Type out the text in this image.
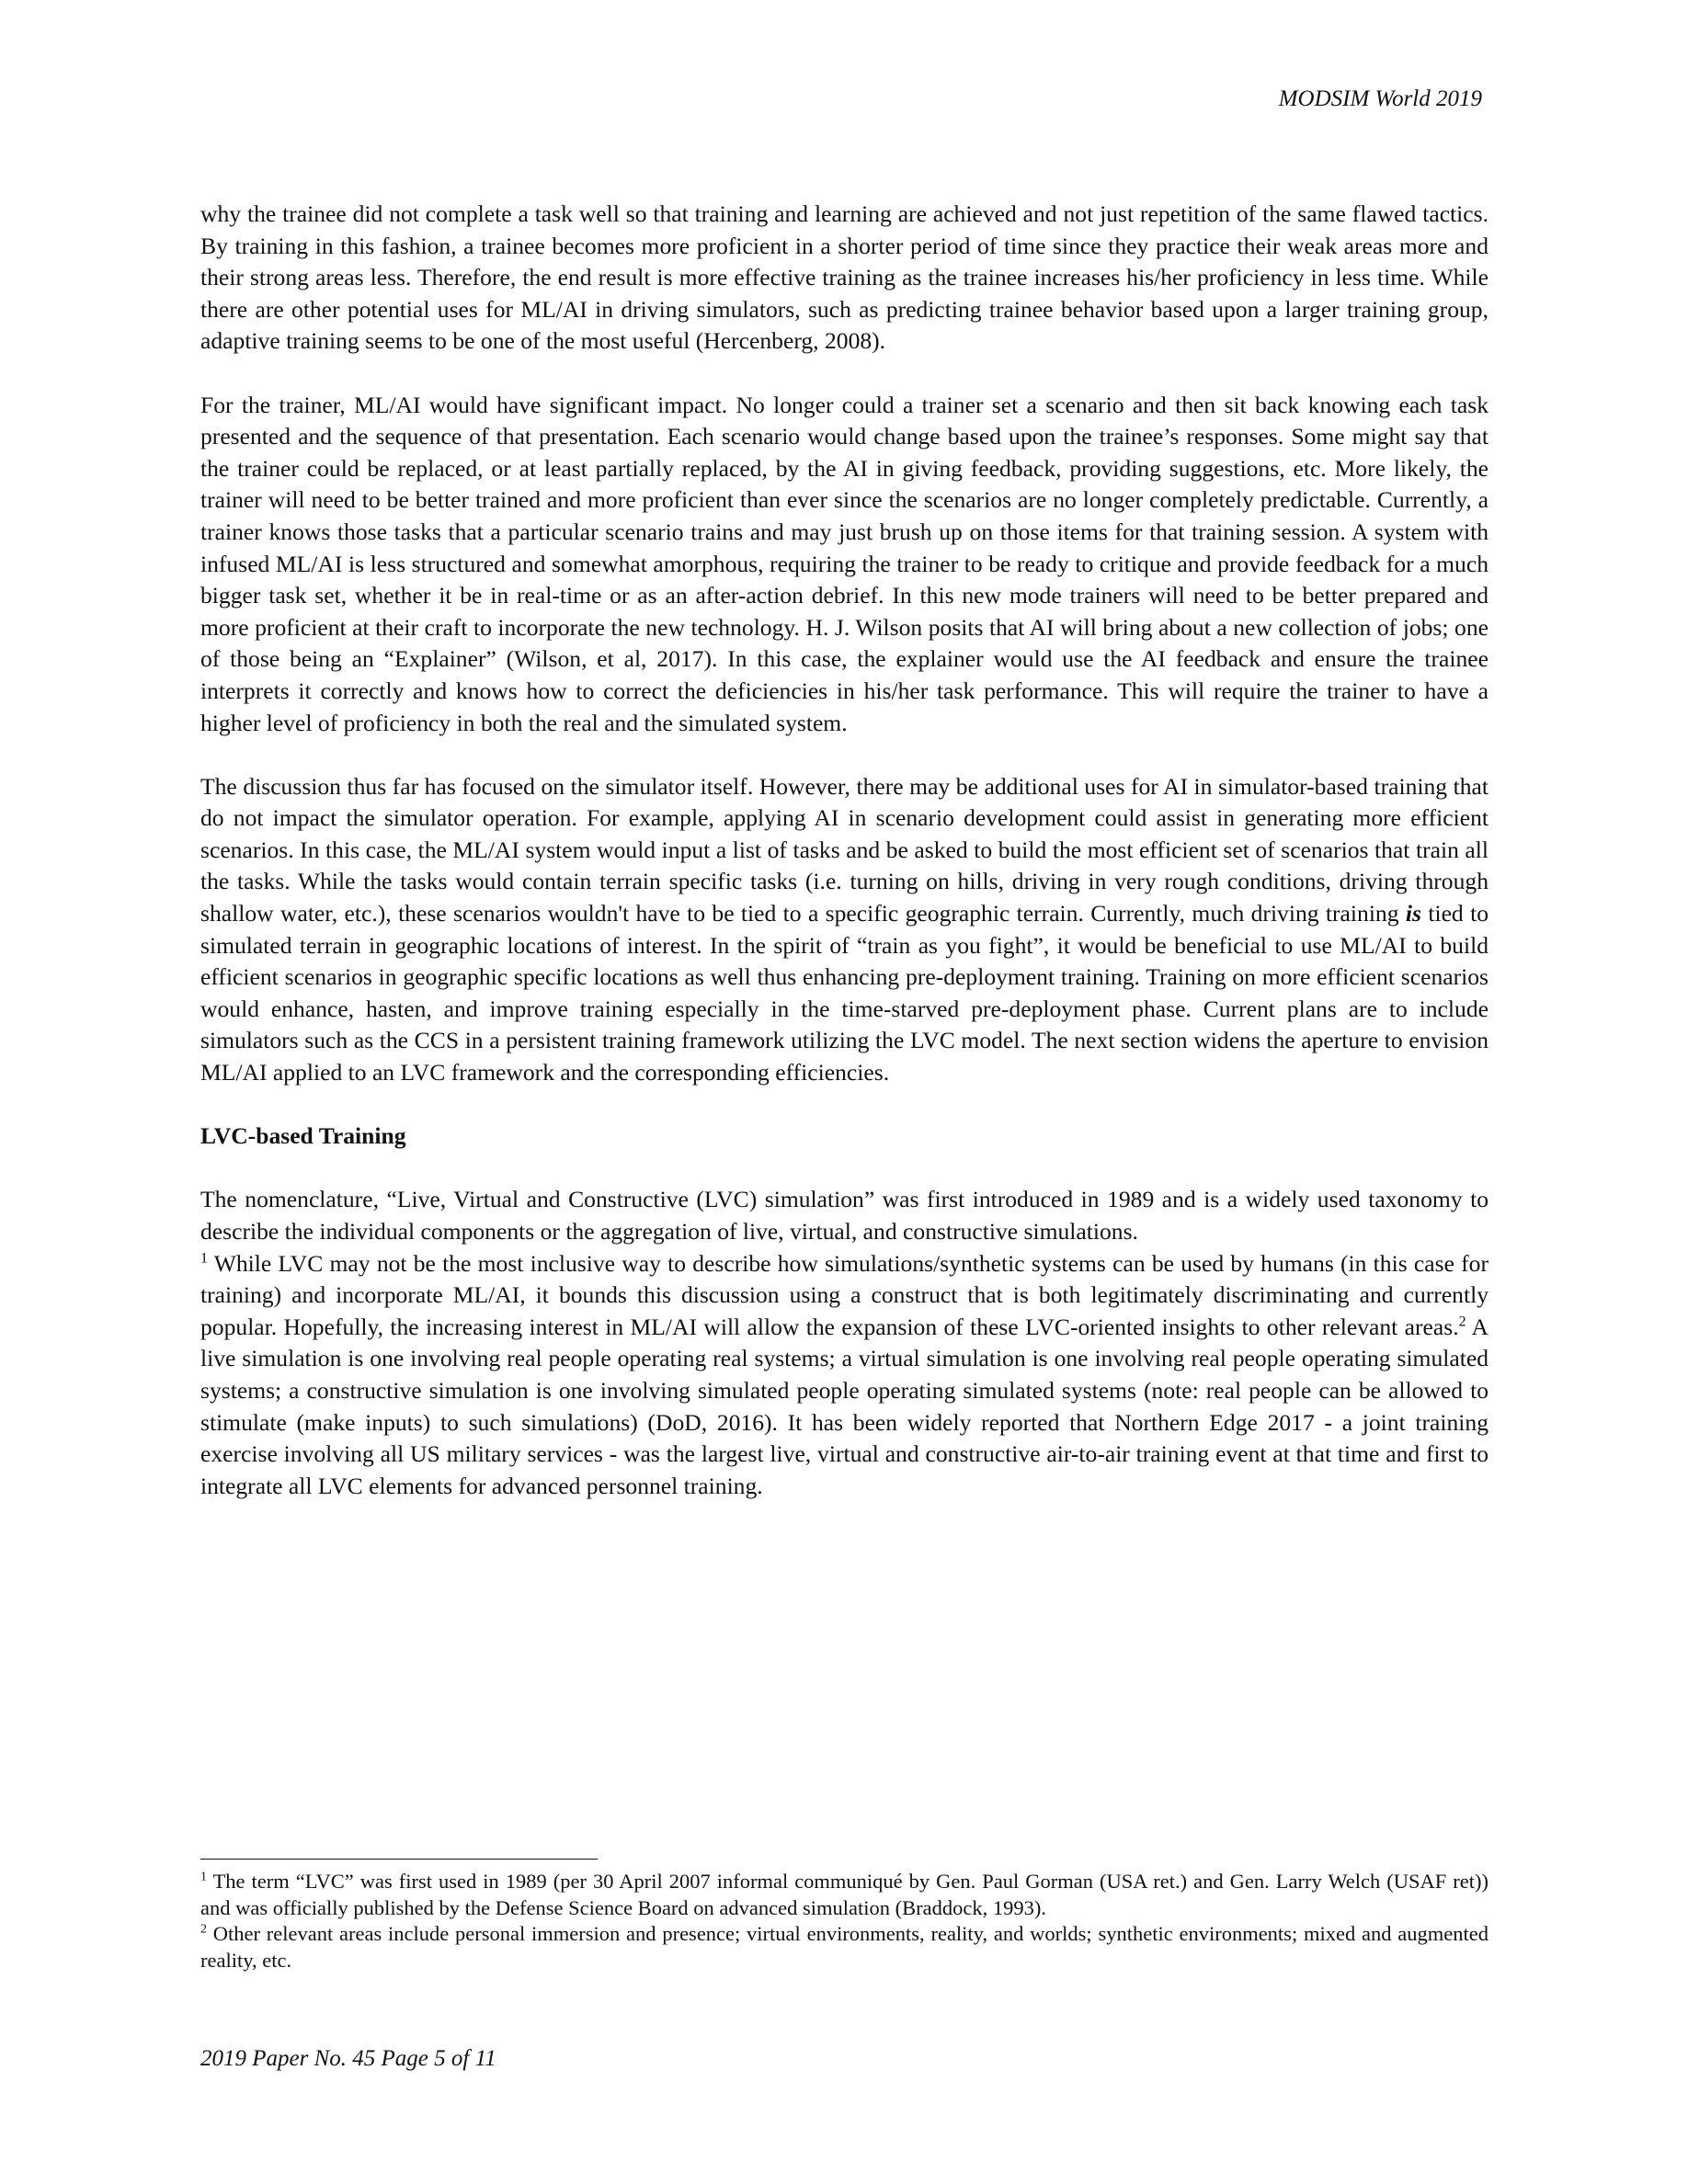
MODSIM World 2019

why the trainee did not complete a task well so that training and learning are achieved and not just repetition of the same flawed tactics. By training in this fashion, a trainee becomes more proficient in a shorter period of time since they practice their weak areas more and their strong areas less. Therefore, the end result is more effective training as the trainee increases his/her proficiency in less time. While there are other potential uses for ML/AI in driving simulators, such as predicting trainee behavior based upon a larger training group, adaptive training seems to be one of the most useful (Hercenberg, 2008).

For the trainer, ML/AI would have significant impact. No longer could a trainer set a scenario and then sit back knowing each task presented and the sequence of that presentation. Each scenario would change based upon the trainee’s responses. Some might say that the trainer could be replaced, or at least partially replaced, by the AI in giving feedback, providing suggestions, etc. More likely, the trainer will need to be better trained and more proficient than ever since the scenarios are no longer completely predictable. Currently, a trainer knows those tasks that a particular scenario trains and may just brush up on those items for that training session. A system with infused ML/AI is less structured and somewhat amorphous, requiring the trainer to be ready to critique and provide feedback for a much bigger task set, whether it be in real-time or as an after-action debrief. In this new mode trainers will need to be better prepared and more proficient at their craft to incorporate the new technology. H. J. Wilson posits that AI will bring about a new collection of jobs; one of those being an “Explainer” (Wilson, et al, 2017). In this case, the explainer would use the AI feedback and ensure the trainee interprets it correctly and knows how to correct the deficiencies in his/her task performance. This will require the trainer to have a higher level of proficiency in both the real and the simulated system.

The discussion thus far has focused on the simulator itself. However, there may be additional uses for AI in simulator-based training that do not impact the simulator operation. For example, applying AI in scenario development could assist in generating more efficient scenarios. In this case, the ML/AI system would input a list of tasks and be asked to build the most efficient set of scenarios that train all the tasks. While the tasks would contain terrain specific tasks (i.e. turning on hills, driving in very rough conditions, driving through shallow water, etc.), these scenarios wouldn't have to be tied to a specific geographic terrain. Currently, much driving training is tied to simulated terrain in geographic locations of interest. In the spirit of “train as you fight”, it would be beneficial to use ML/AI to build efficient scenarios in geographic specific locations as well thus enhancing pre-deployment training. Training on more efficient scenarios would enhance, hasten, and improve training especially in the time-starved pre-deployment phase. Current plans are to include simulators such as the CCS in a persistent training framework utilizing the LVC model. The next section widens the aperture to envision ML/AI applied to an LVC framework and the corresponding efficiencies.

LVC-based Training

The nomenclature, “Live, Virtual and Constructive (LVC) simulation” was first introduced in 1989 and is a widely used taxonomy to describe the individual components or the aggregation of live, virtual, and constructive simulations.
$^1$ While LVC may not be the most inclusive way to describe how simulations/synthetic systems can be used by humans (in this case for training) and incorporate ML/AI, it bounds this discussion using a construct that is both legitimately discriminating and currently popular. Hopefully, the increasing interest in ML/AI will allow the expansion of these LVC-oriented insights to other relevant areas.$^2$ A live simulation is one involving real people operating real systems; a virtual simulation is one involving real people operating simulated systems; a constructive simulation is one involving simulated people operating simulated systems (note: real people can be allowed to stimulate (make inputs) to such simulations) (DoD, 2016). It has been widely reported that Northern Edge 2017 - a joint training exercise involving all US military services - was the largest live, virtual and constructive air-to-air training event at that time and first to integrate all LVC elements for advanced personnel training.

$^1$ The term “LVC” was first used in 1989 (per 30 April 2007 informal communiqué by Gen. Paul Gorman (USA ret.) and Gen. Larry Welch (USAF ret)) and was officially published by the Defense Science Board on advanced simulation (Braddock, 1993).

$^2$ Other relevant areas include personal immersion and presence; virtual environments, reality, and worlds; synthetic environments; mixed and augmented reality, etc.

2019 Paper No. 45 Page 5 of 11
